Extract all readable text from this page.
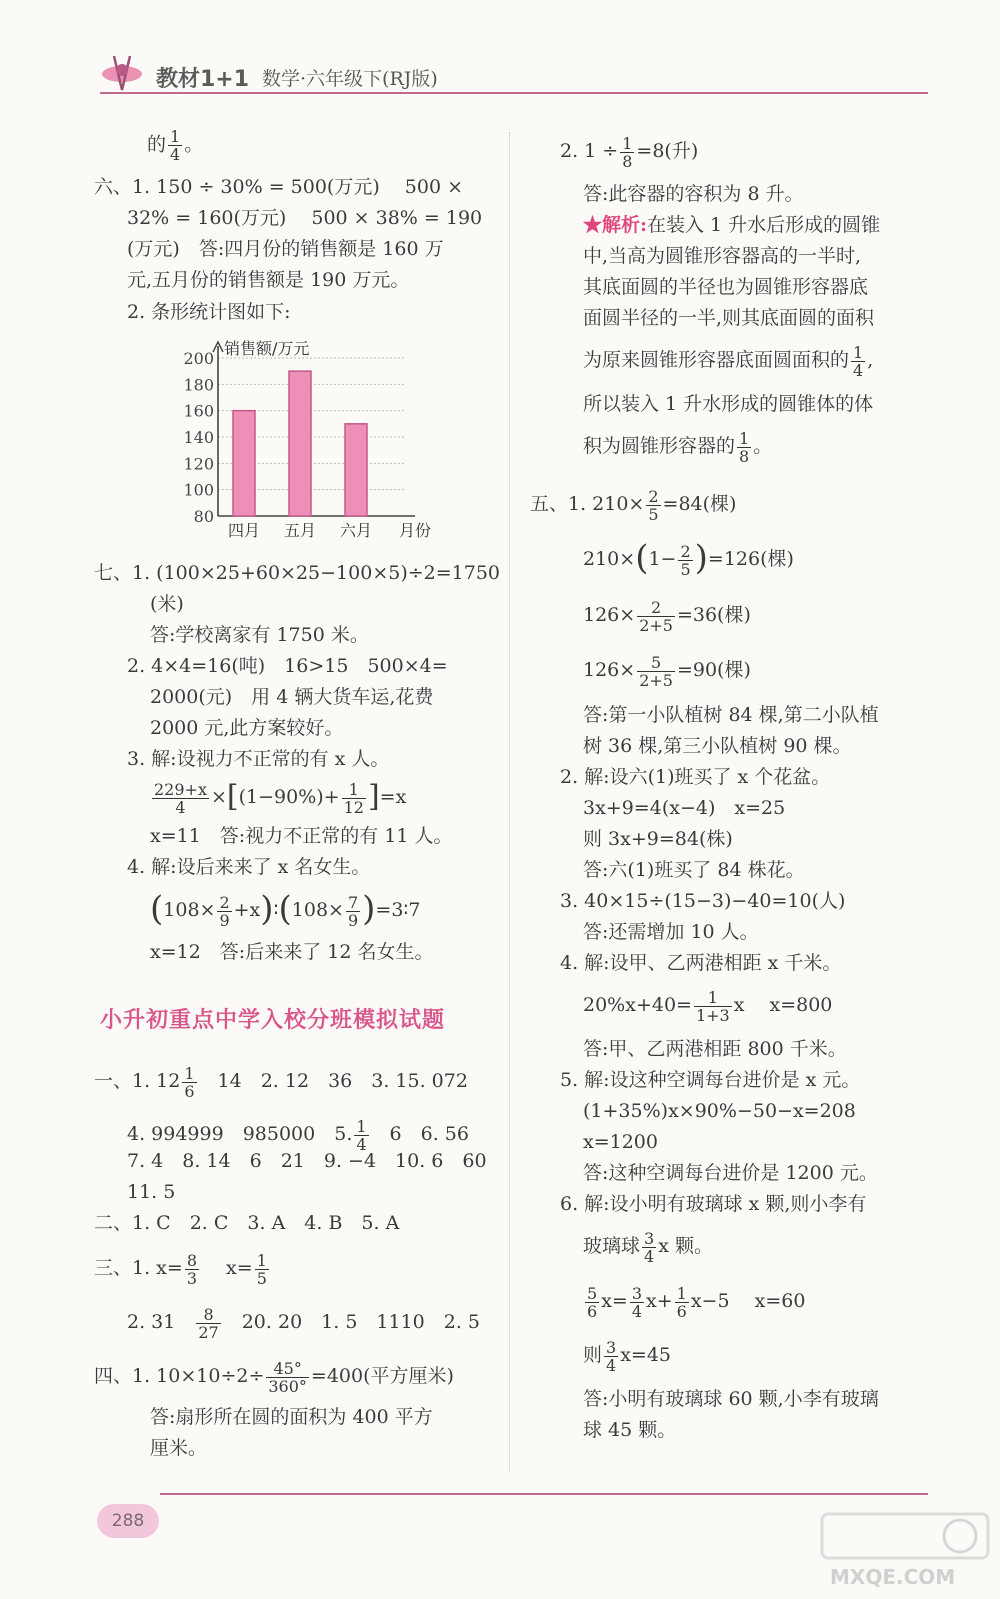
教材1+1 数学·六年级下(RJ版)
的 $\frac{1}{4}$ 。
六、1. 150 ÷ 30% = 500(万元)　 500 ×
32% = 160(万元)　 500 × 38% = 190
(万元)　答:四月份的销售额是 160 万
元,五月份的销售额是 190 万元。
2. 条形统计图如下:
80
100
120
140
160
180
200
销售额/万元
四月 五月 六月 月份
七、1. (100×25+60×25−100×5)÷2=1750
(米)
答:学校离家有 1750 米。
2. 4×4=16(吨)　16>15　500×4=
2000(元)　用 4 辆大货车运,花费
2000 元,此方案较好。
3. 解:设视力不正常的有 x 人。
$\frac{229+x}{4} \times[(1-90\%)+ \frac{1}{12} ]=x$
x=11　答:视力不正常的有 11 人。
4. 解:设后来来了 x 名女生。
($108\times \frac{2}{9}$ +x)∶(108× $\frac{7}{9}$ )=3∶7
x=12　答:后来来了 12 名女生。
小升初重点中学入校分班模拟试题
一、1. $12 \frac{1}{6}$ 　14　2. 12　36　3. 15. 072
4. 994999　985000　5. $\frac{1}{4}$ 　6　6. 56
7. 4　8. 14　6　21　9. −4　10. 6　60
11. 5
二、1. C　2. C　3. A　4. B　5. A
三、1. $x= \frac{8}{3}$ 　 $x= \frac{1}{5}$
2. 31　 $\frac{8}{27}$ 　20. 20　1. 5　1110　2. 5
四、1. $10\times 10\div 2\div \frac{45^\circ}{360^\circ} =400$(平方厘米)
答:扇形所在圆的面积为 400 平方
厘米。
2. $1 \div \frac{1}{8} =8$(升)
答:此容器的容积为 8 升。
★解析:在装入 1 升水后形成的圆锥
中,当高为圆锥形容器高的一半时,
其底面圆的半径也为圆锥形容器底
面圆半径的一半,则其底面圆的面积
为原来圆锥形容器底面圆面积的 $\frac{1}{4}$ ,
所以装入 1 升水形成的圆锥体的体
积为圆锥形容器的 $\frac{1}{8}$ 。
五、1. $210\times \frac{2}{5} =84$(棵)
$210\times(1- \frac{2}{5} )=126$(棵)
$126\times \frac{2}{2+5} =36$(棵)
$126\times \frac{5}{2+5} =90$(棵)
答:第一小队植树 84 棵,第二小队植
树 36 棵,第三小队植树 90 棵。
2. 解:设六(1)班买了 x 个花盆。
3x+9=4(x−4)　x=25
则 3x+9=84(株)
答:六(1)班买了 84 株花。
3. 40×15÷(15−3)−40=10(人)
答:还需增加 10 人。
4. 解:设甲、乙两港相距 x 千米。
$20\%x+40= \frac{1}{1+3}$ x　 x=800
答:甲、乙两港相距 800 千米。
5. 解:设这种空调每台进价是 x 元。
(1+35%)x×90%−50−x=208
x=1200
答:这种空调每台进价是 1200 元。
6. 解:设小明有玻璃球 x 颗,则小李有
玻璃球 $\frac{3}{4}$ x 颗。
$\frac{5}{6} x= \frac{3}{4} x+ \frac{1}{6} x-5$　 x=60
则 $\frac{3}{4} x=45$
答:小明有玻璃球 60 颗,小李有玻璃
球 45 颗。
288
MXQE.COM
